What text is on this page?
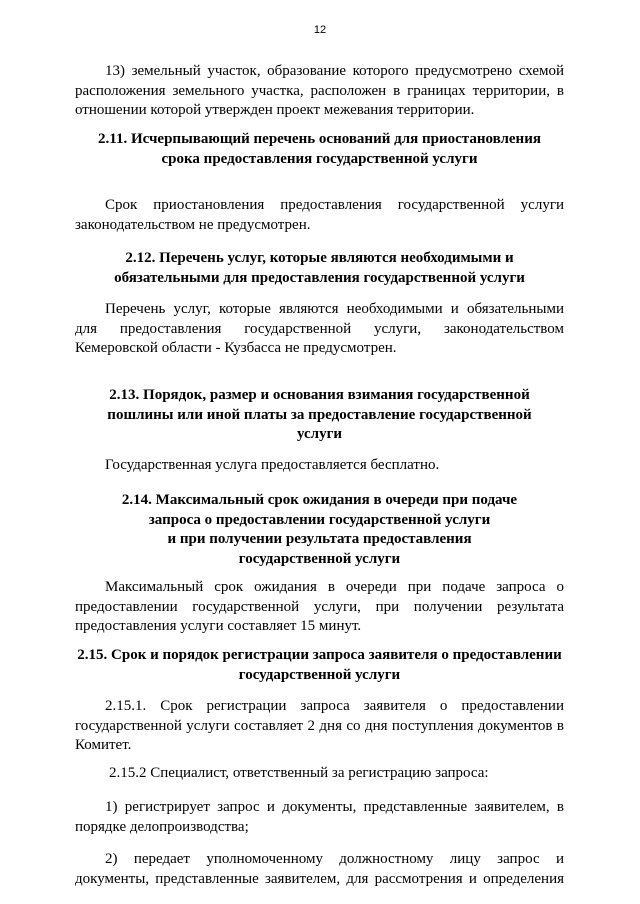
12
13) земельный участок, образование которого предусмотрено схемой
расположения земельного участка, расположен в границах территории, в
отношении которой утвержден проект межевания территории.
2.11. Исчерпывающий перечень оснований для приостановления
срока предоставления государственной услуги
Срок приостановления предоставления государственной услуги
законодательством не предусмотрен.
2.12. Перечень услуг, которые являются необходимыми и
обязательными для предоставления государственной услуги
Перечень услуг, которые являются необходимыми и обязательными
для предоставления государственной услуги, законодательством
Кемеровской области - Кузбасса не предусмотрен.
2.13. Порядок, размер и основания взимания государственной
пошлины или иной платы за предоставление государственной
услуги
Государственная услуга предоставляется бесплатно.
2.14. Максимальный срок ожидания в очереди при подаче
запроса о предоставлении государственной услуги
и при получении результата предоставления
государственной услуги
Максимальный срок ожидания в очереди при подаче запроса о
предоставлении государственной услуги, при получении результата
предоставления услуги составляет 15 минут.
2.15. Срок и порядок регистрации запроса заявителя о предоставлении
государственной услуги
2.15.1. Срок регистрации запроса заявителя о предоставлении
государственной услуги составляет 2 дня со дня поступления документов в
Комитет.
2.15.2 Специалист, ответственный за регистрацию запроса:
1) регистрирует запрос и документы, представленные заявителем, в
порядке делопроизводства;
2) передает уполномоченному должностному лицу запрос и
документы, представленные заявителем, для рассмотрения и определения
